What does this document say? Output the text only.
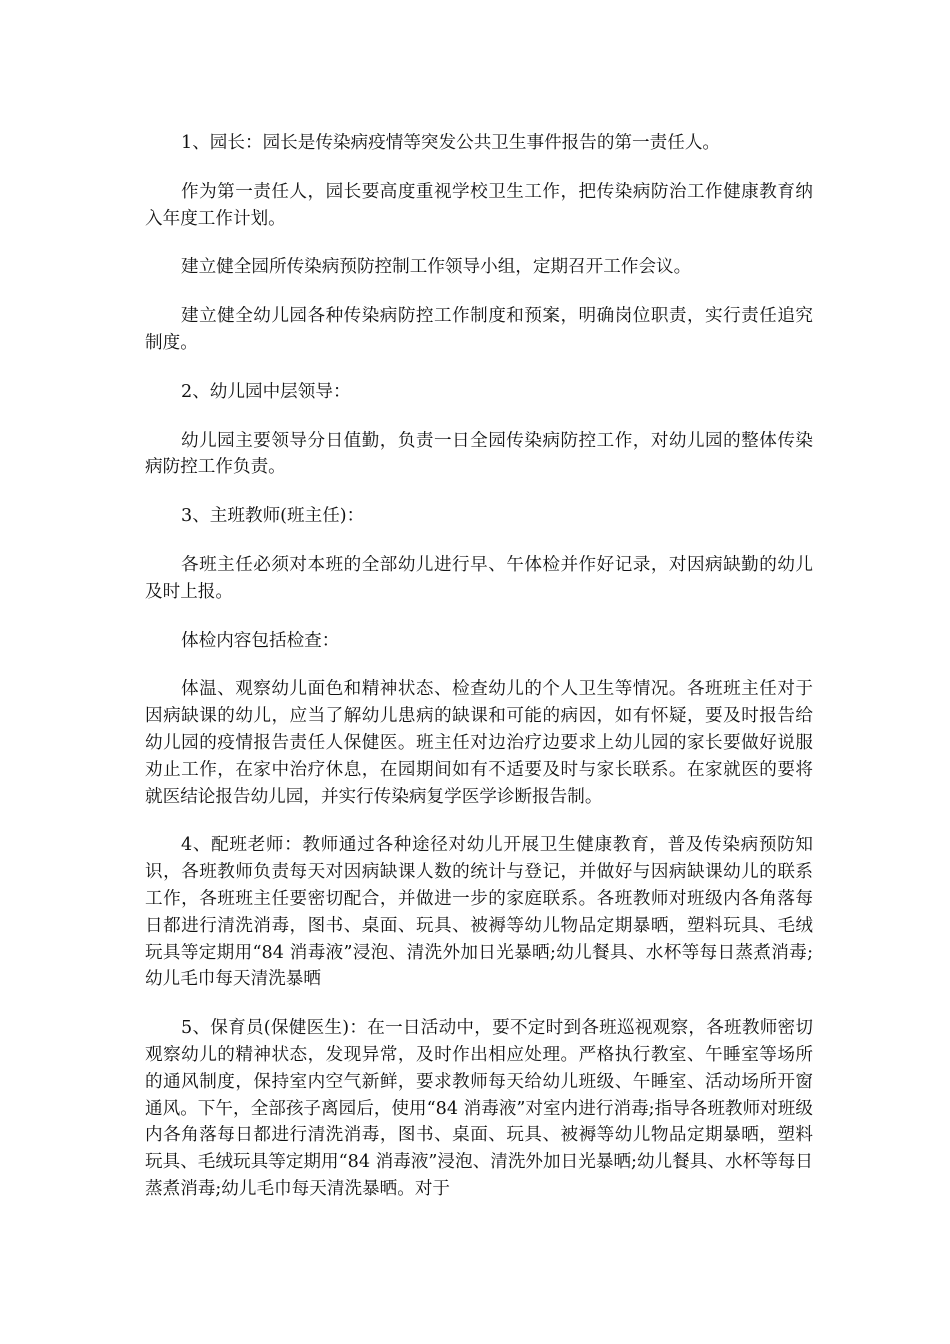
1、园长：园长是传染病疫情等突发公共卫生事件报告的第一责任人。

作为第一责任人，园长要高度重视学校卫生工作，把传染病防治工作健康教育纳入年度工作计划。

建立健全园所传染病预防控制工作领导小组，定期召开工作会议。

建立健全幼儿园各种传染病防控工作制度和预案，明确岗位职责，实行责任追究制度。

2、幼儿园中层领导：

幼儿园主要领导分日值勤，负责一日全园传染病防控工作，对幼儿园的整体传染病防控工作负责。

3、主班教师(班主任)：

各班主任必须对本班的全部幼儿进行早、午体检并作好记录，对因病缺勤的幼儿及时上报。

体检内容包括检查：

体温、观察幼儿面色和精神状态、检查幼儿的个人卫生等情况。各班班主任对于因病缺课的幼儿，应当了解幼儿患病的缺课和可能的病因，如有怀疑，要及时报告给幼儿园的疫情报告责任人保健医。班主任对边治疗边要求上幼儿园的家长要做好说服劝止工作，在家中治疗休息，在园期间如有不适要及时与家长联系。在家就医的要将就医结论报告幼儿园，并实行传染病复学医学诊断报告制。

4、配班老师：教师通过各种途径对幼儿开展卫生健康教育，普及传染病预防知识，各班教师负责每天对因病缺课人数的统计与登记，并做好与因病缺课幼儿的联系工作，各班班主任要密切配合，并做进一步的家庭联系。各班教师对班级内各角落每日都进行清洗消毒，图书、桌面、玩具、被褥等幼儿物品定期暴晒，塑料玩具、毛绒玩具等定期用“84 消毒液”浸泡、清洗外加日光暴晒;幼儿餐具、水杯等每日蒸煮消毒;幼儿毛巾每天清洗暴晒

5、保育员(保健医生)：在一日活动中，要不定时到各班巡视观察，各班教师密切观察幼儿的精神状态，发现异常，及时作出相应处理。严格执行教室、午睡室等场所的通风制度，保持室内空气新鲜，要求教师每天给幼儿班级、午睡室、活动场所开窗通风。下午，全部孩子离园后，使用“84 消毒液”对室内进行消毒;指导各班教师对班级内各角落每日都进行清洗消毒，图书、桌面、玩具、被褥等幼儿物品定期暴晒，塑料玩具、毛绒玩具等定期用“84 消毒液”浸泡、清洗外加日光暴晒;幼儿餐具、水杯等每日蒸煮消毒;幼儿毛巾每天清洗暴晒。对于
